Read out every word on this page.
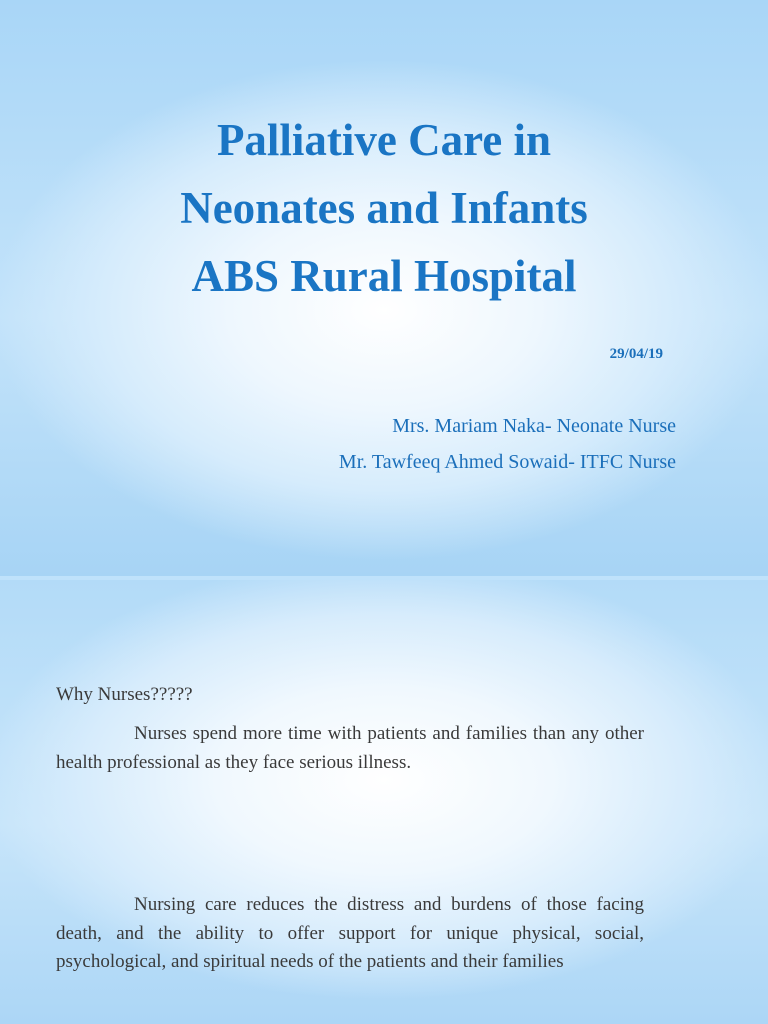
Palliative Care in
Neonates and Infants
ABS Rural Hospital
29/04/19
Mrs. Mariam Naka- Neonate Nurse
Mr. Tawfeeq Ahmed Sowaid- ITFC Nurse
Why Nurses?????

Nurses spend more time with patients and families than any other health professional as they face serious illness.

Nursing care reduces the distress and burdens of those facing death, and the ability to offer support for unique physical, social, psychological, and spiritual needs of the patients and their families
